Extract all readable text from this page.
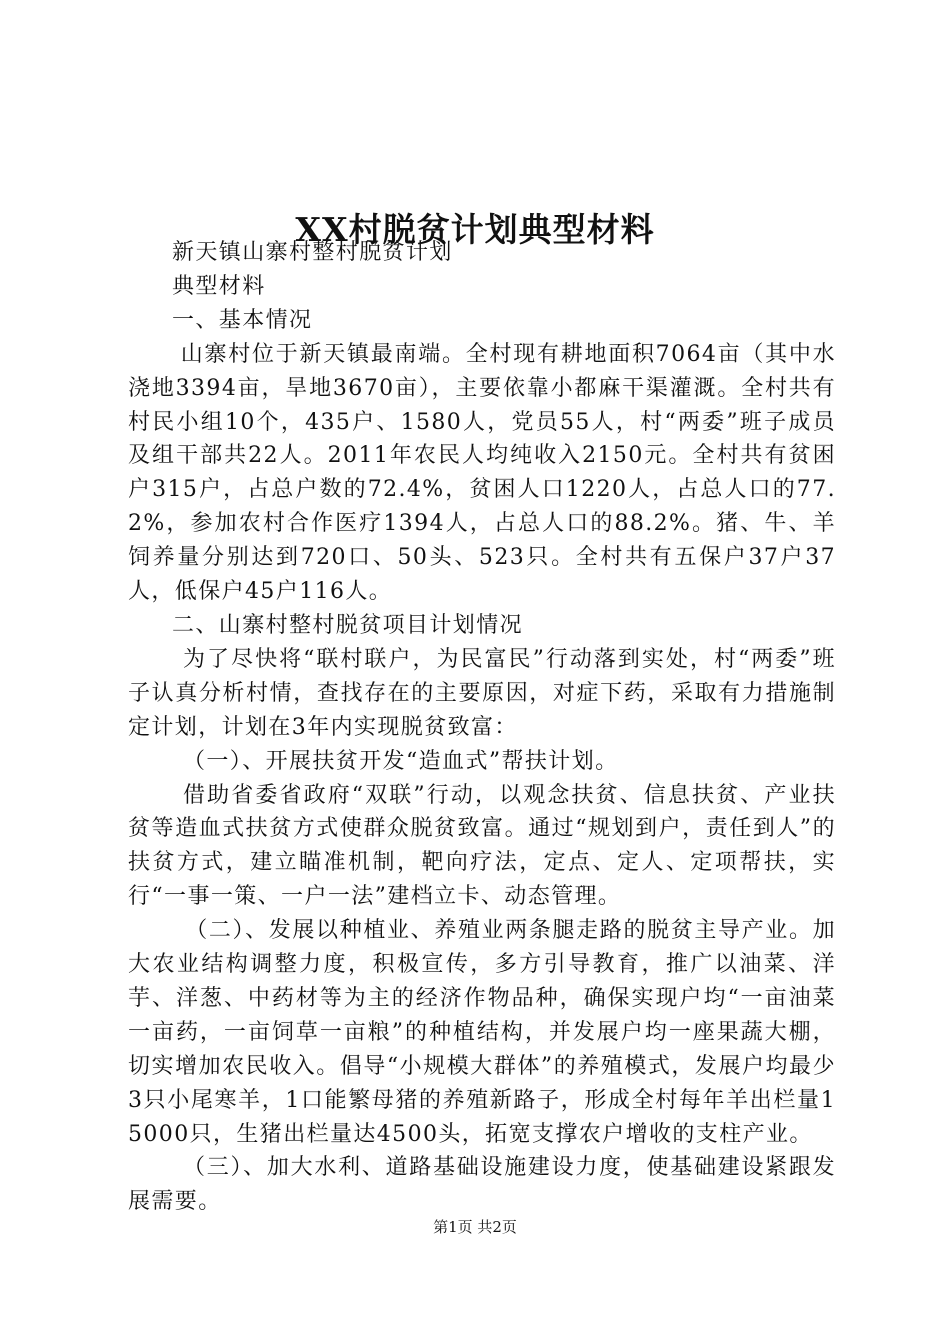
XX村脱贫计划典型材料

新天镇山寨村整村脱贫计划

典型材料

一、基本情况

山寨村位于新天镇最南端。全村现有耕地面积7064亩（其中水浇地3394亩，旱地3670亩），主要依靠小都麻干渠灌溉。全村共有村民小组10个，435户、1580人，党员55人，村“两委”班子成员及组干部共22人。2011年农民人均纯收入2150元。全村共有贫困户315户，占总户数的72.4%，贫困人口1220人，占总人口的77.2%，参加农村合作医疗1394人，占总人口的88.2%。猪、牛、羊饲养量分别达到720口、50头、523只。全村共有五保户37户37人，低保户45户116人。

二、山寨村整村脱贫项目计划情况

为了尽快将“联村联户，为民富民”行动落到实处，村“两委”班子认真分析村情，查找存在的主要原因，对症下药，采取有力措施制定计划，计划在3年内实现脱贫致富：

（一）、开展扶贫开发“造血式”帮扶计划。

借助省委省政府“双联”行动，以观念扶贫、信息扶贫、产业扶贫等造血式扶贫方式使群众脱贫致富。通过“规划到户，责任到人”的扶贫方式，建立瞄准机制，靶向疗法，定点、定人、定项帮扶，实行“一事一策、一户一法”建档立卡、动态管理。

（二）、发展以种植业、养殖业两条腿走路的脱贫主导产业。加大农业结构调整力度，积极宣传，多方引导教育，推广以油菜、洋芋、洋葱、中药材等为主的经济作物品种，确保实现户均“一亩油菜一亩药，一亩饲草一亩粮”的种植结构，并发展户均一座果蔬大棚，切实增加农民收入。倡导“小规模大群体”的养殖模式，发展户均最少3只小尾寒羊，1口能繁母猪的养殖新路子，形成全村每年羊出栏量15000只，生猪出栏量达4500头，拓宽支撑农户增收的支柱产业。

（三）、加大水利、道路基础设施建设力度，使基础建设紧跟发展需要。

第1页 共2页
